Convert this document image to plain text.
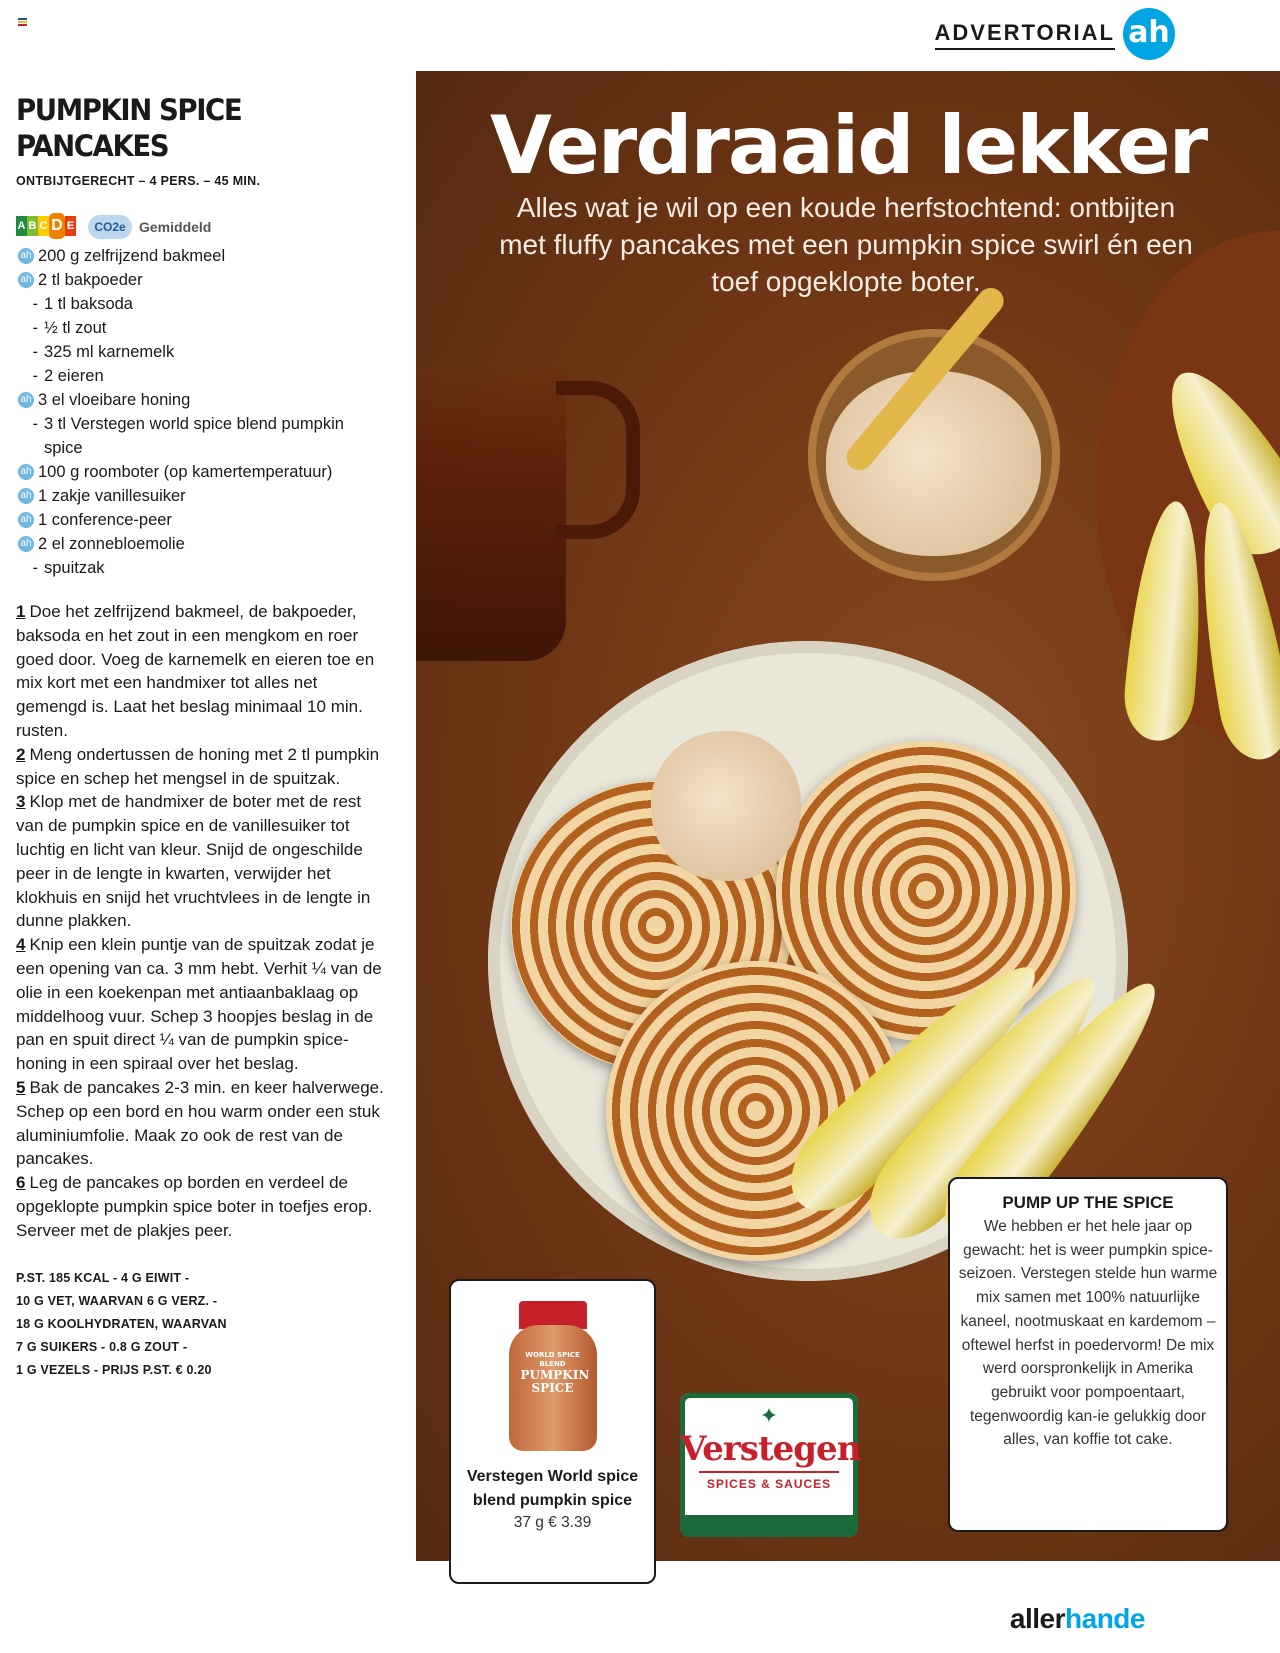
ADVERTORIAL ah
PUMPKIN SPICE PANCAKES
ONTBIJTGERECHT – 4 PERS. – 45 MIN.
A B C D E	CO2e Gemiddeld
ah 200 g zelfrijzend bakmeel
ah 2 tl bakpoeder
- 1 tl baksoda
- ½ tl zout
- 325 ml karnemelk
- 2 eieren
ah 3 el vloeibare honing
- 3 tl Verstegen world spice blend pumpkin spice
ah 100 g roomboter (op kamertemperatuur)
ah 1 zakje vanillesuiker
ah 1 conference-peer
ah 2 el zonnebloemolie
- spuitzak

1 Doe het zelfrijzend bakmeel, de bakpoeder, baksoda en het zout in een mengkom en roer goed door. Voeg de karnemelk en eieren toe en mix kort met een handmixer tot alles net gemengd is. Laat het beslag minimaal 10 min. rusten.

2 Meng ondertussen de honing met 2 tl pumpkin spice en schep het mengsel in de spuitzak.

3 Klop met de handmixer de boter met de rest van de pumpkin spice en de vanillesuiker tot luchtig en licht van kleur. Snijd de ongeschilde peer in de lengte in kwarten, verwijder het klokhuis en snijd het vruchtvlees in de lengte in dunne plakken.

4 Knip een klein puntje van de spuitzak zodat je een opening van ca. 3 mm hebt. Verhit ¼ van de olie in een koekenpan met antiaanbaklaag op middelhoog vuur. Schep 3 hoopjes beslag in de pan en spuit direct ¼ van de pumpkin spice-honing in een spiraal over het beslag.

5 Bak de pancakes 2-3 min. en keer halverwege. Schep op een bord en hou warm onder een stuk aluminiumfolie. Maak zo ook de rest van de pancakes.

6 Leg de pancakes op borden en verdeel de opgeklopte pumpkin spice boter in toefjes erop. Serveer met de plakjes peer.

P.ST. 185 KCAL - 4 G EIWIT -
10 G VET, WAARVAN 6 G VERZ. -
18 G KOOLHYDRATEN, WAARVAN
7 G SUIKERS - 0.8 G ZOUT -
1 G VEZELS - PRIJS P.ST. € 0.20
Verdraaid lekker
Alles wat je wil op een koude herfstochtend: ontbijten met fluffy pancakes met een pumpkin spice swirl én een toef opgeklopte boter.
WORLD SPICE BLEND
PUMPKIN SPICE
Verstegen World spice blend pumpkin spice
37 g € 3.39
✦
Verstegen
SPICES & SAUCES
PUMP UP THE SPICE
We hebben er het hele jaar op gewacht: het is weer pumpkin spice-seizoen. Verstegen stelde hun warme mix samen met 100% natuurlijke kaneel, nootmuskaat en kardemom – oftewel herfst in poedervorm! De mix werd oorspronkelijk in Amerika gebruikt voor pompoentaart, tegenwoordig kan-ie gelukkig door alles, van koffie tot cake.
allerhande
